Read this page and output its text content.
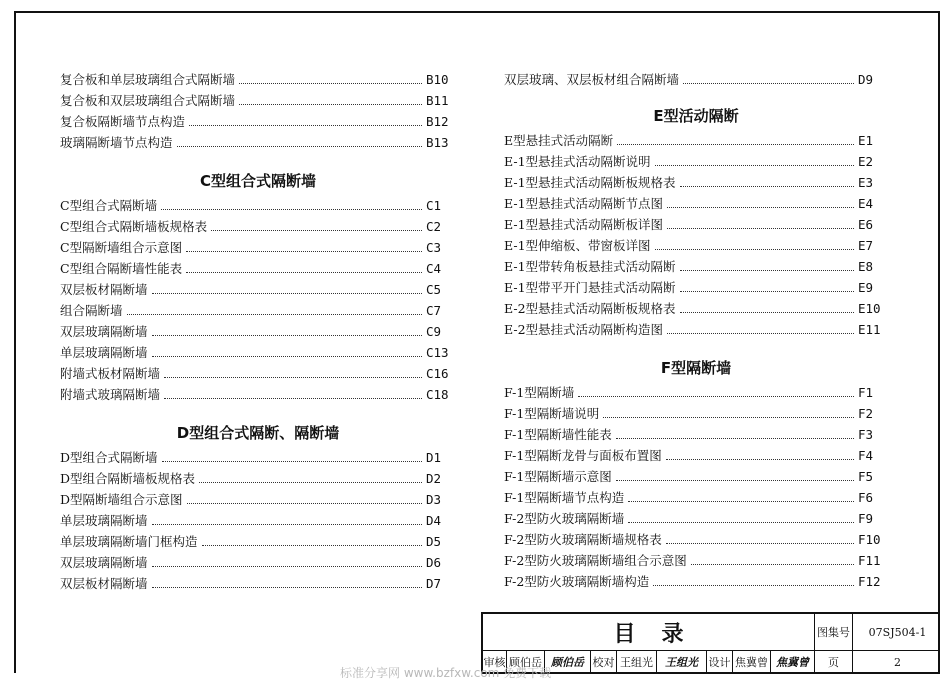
复合板和单层玻璃组合式隔断墙	B10
复合板和双层玻璃组合式隔断墙	B11
复合板隔断墙节点构造	B12
玻璃隔断墙节点构造	B13
C型组合式隔断墙
C型组合式隔断墙	C1
C型组合式隔断墙板规格表	C2
C型隔断墙组合示意图	C3
C型组合隔断墙性能表	C4
双层板材隔断墙	C5
组合隔断墙	C7
双层玻璃隔断墙	C9
单层玻璃隔断墙	C13
附墙式板材隔断墙	C16
附墙式玻璃隔断墙	C18
D型组合式隔断、隔断墙
D型组合式隔断墙	D1
D型组合隔断墙板规格表	D2
D型隔断墙组合示意图	D3
单层玻璃隔断墙	D4
单层玻璃隔断墙门框构造	D5
双层玻璃隔断墙	D6
双层板材隔断墙	D7
双层玻璃、双层板材组合隔断墙	D9
E型活动隔断
E型悬挂式活动隔断	E1
E-1型悬挂式活动隔断说明	E2
E-1型悬挂式活动隔断板规格表	E3
E-1型悬挂式活动隔断节点图	E4
E-1型悬挂式活动隔断板详图	E6
E-1型伸缩板、带窗板详图	E7
E-1型带转角板悬挂式活动隔断	E8
E-1型带平开门悬挂式活动隔断	E9
E-2型悬挂式活动隔断板规格表	E10
E-2型悬挂式活动隔断构造图	E11
F型隔断墙
F-1型隔断墙	F1
F-1型隔断墙说明	F2
F-1型隔断墙性能表	F3
F-1型隔断龙骨与面板布置图	F4
F-1型隔断墙示意图	F5
F-1型隔断墙节点构造	F6
F-2型防火玻璃隔断墙	F9
F-2型防火玻璃隔断墙规格表	F10
F-2型防火玻璃隔断墙组合示意图	F11
F-2型防火玻璃隔断墙构造	F12
目录	图集号	07SJ504-1
审核 顾伯岳 顾伯岳 校对 王组光	王组光 设计 焦冀曾 焦冀曾	页	2
标准分享网 www.bzfxw.com 免费下载
